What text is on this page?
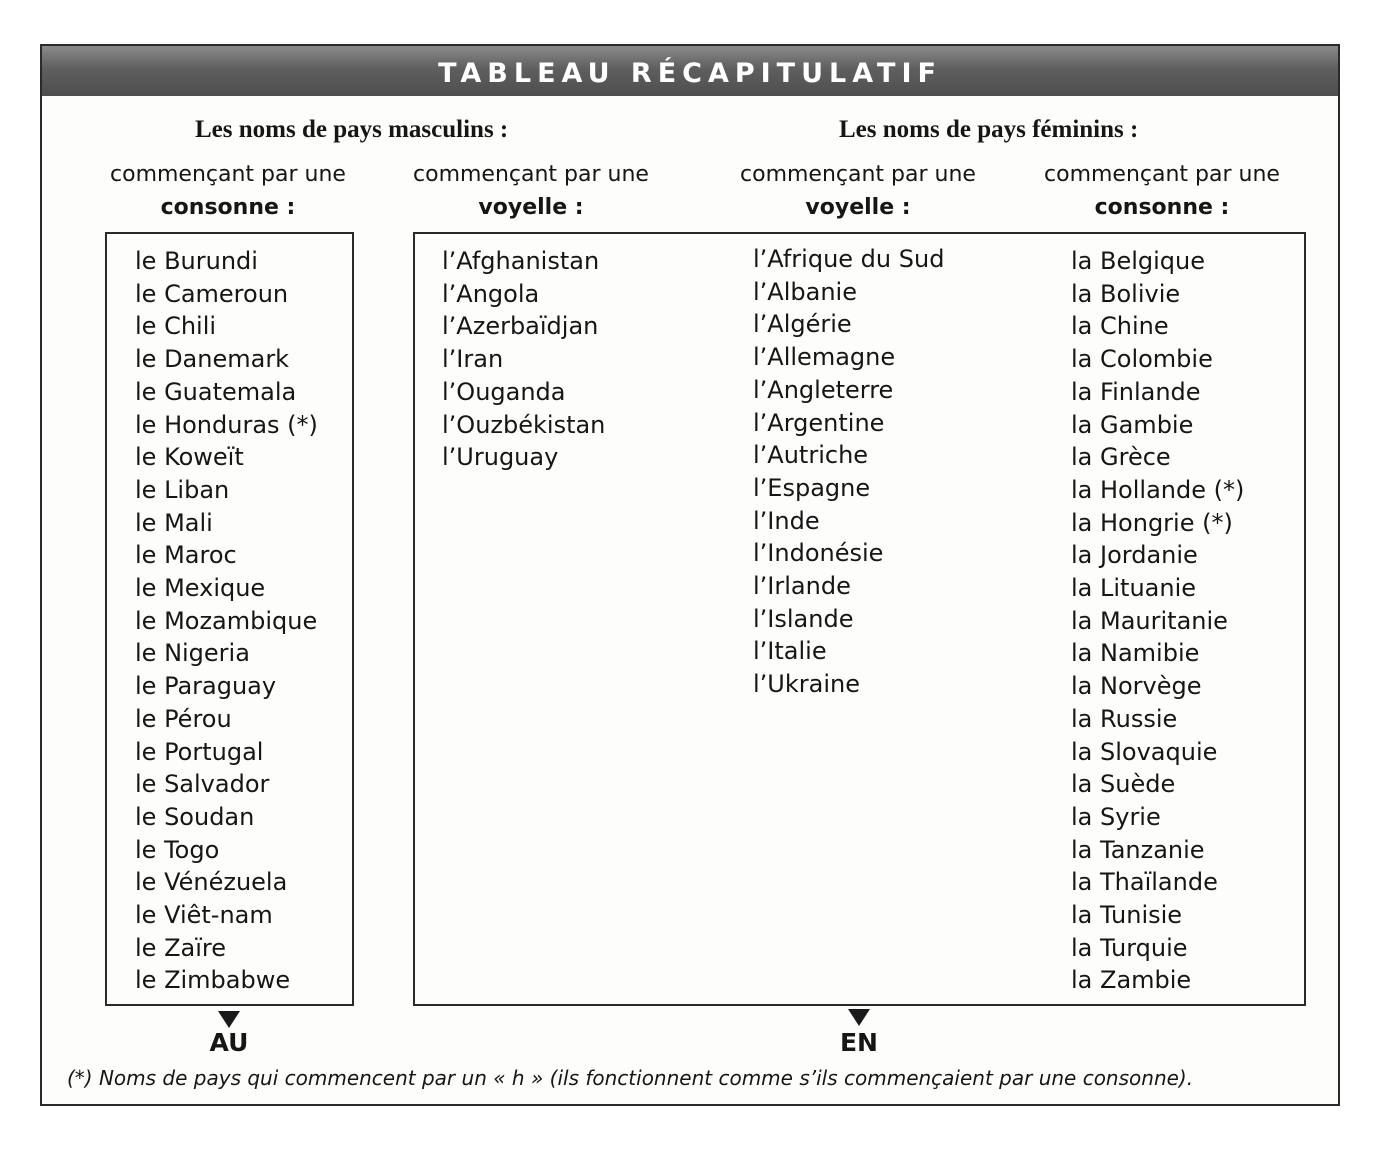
TABLEAU RÉCAPITULATIF
Les noms de pays masculins :	Les noms de pays féminins :
commençant par une
consonne :
commençant par une
voyelle :
commençant par une
voyelle :
commençant par une
consonne :
le Burundi
le Cameroun
le Chili
le Danemark
le Guatemala
le Honduras (*)
le Koweït
le Liban
le Mali
le Maroc
le Mexique
le Mozambique
le Nigeria
le Paraguay
le Pérou
le Portugal
le Salvador
le Soudan
le Togo
le Vénézuela
le Viêt-nam
le Zaïre
le Zimbabwe
l’Afghanistan
l’Angola
l’Azerbaïdjan
l’Iran
l’Ouganda
l’Ouzbékistan
l’Uruguay
l’Afrique du Sud
l’Albanie
l’Algérie
l’Allemagne
l’Angleterre
l’Argentine
l’Autriche
l’Espagne
l’Inde
l’Indonésie
l’Irlande
l’Islande
l’Italie
l’Ukraine
la Belgique
la Bolivie
la Chine
la Colombie
la Finlande
la Gambie
la Grèce
la Hollande (*)
la Hongrie (*)
la Jordanie
la Lituanie
la Mauritanie
la Namibie
la Norvège
la Russie
la Slovaquie
la Suède
la Syrie
la Tanzanie
la Thaïlande
la Tunisie
la Turquie
la Zambie
AU	EN
(*) Noms de pays qui commencent par un « h » (ils fonctionnent comme s’ils commençaient par une consonne).
